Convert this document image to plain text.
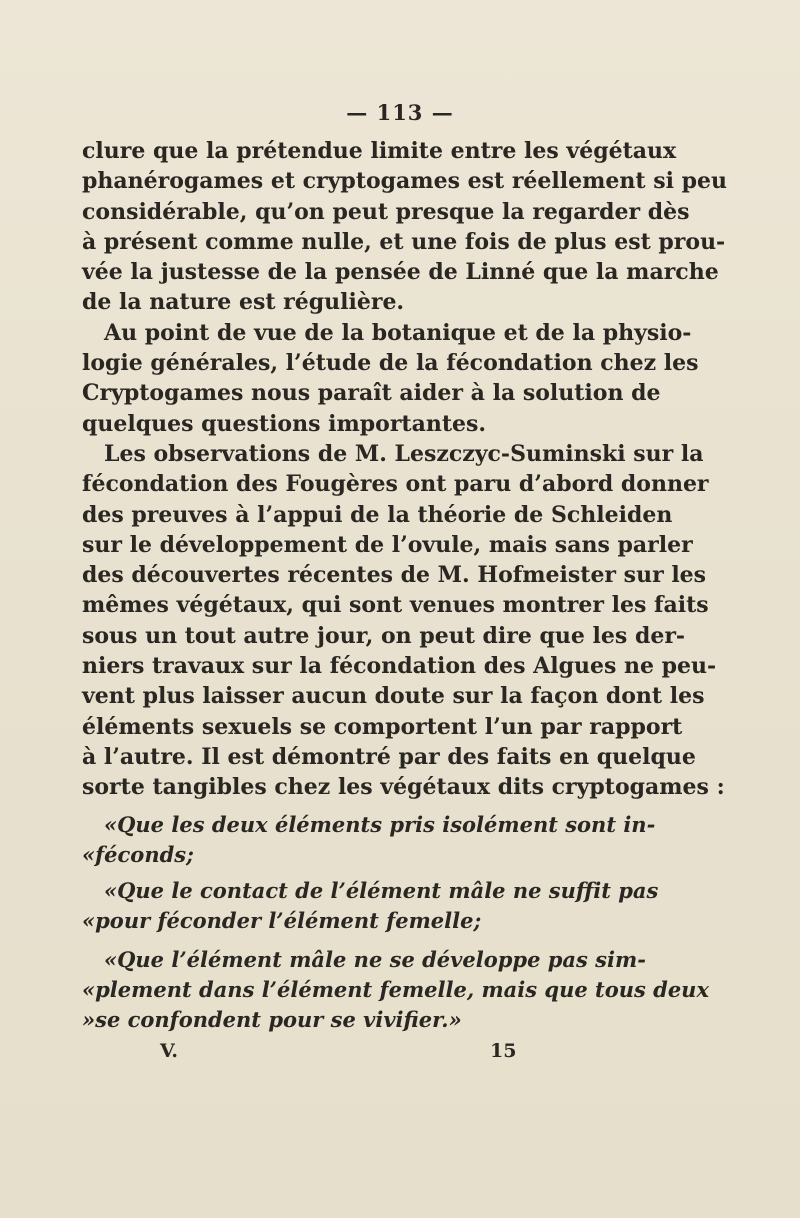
— 113 —
clure que la prétendue limite entre les végétaux
phanérogames et cryptogames est réellement si peu
considérable, qu’on peut presque la regarder dès
à présent comme nulle, et une fois de plus est prou-
vée la justesse de la pensée de Linné que la marche
de la nature est régulière.
Au point de vue de la botanique et de la physio-
logie générales, l’étude de la fécondation chez les
Cryptogames nous paraît aider à la solution de
quelques questions importantes.
Les observations de M. Leszczyc-Suminski sur la
fécondation des Fougères ont paru d’abord donner
des preuves à l’appui de la théorie de Schleiden
sur le développement de l’ovule, mais sans parler
des découvertes récentes de M. Hofmeister sur les
mêmes végétaux, qui sont venues montrer les faits
sous un tout autre jour, on peut dire que les der-
niers travaux sur la fécondation des Algues ne peu-
vent plus laisser aucun doute sur la façon dont les
éléments sexuels se comportent l’un par rapport
à l’autre. Il est démontré par des faits en quelque
sorte tangibles chez les végétaux dits cryptogames :
«Que les deux éléments pris isolément sont in-
«féconds;
«Que le contact de l’élément mâle ne suffit pas
«pour féconder l’élément femelle;
«Que l’élément mâle ne se développe pas sim-
«plement dans l’élément femelle, mais que tous deux
»se confondent pour se vivifier.»
V.	15
